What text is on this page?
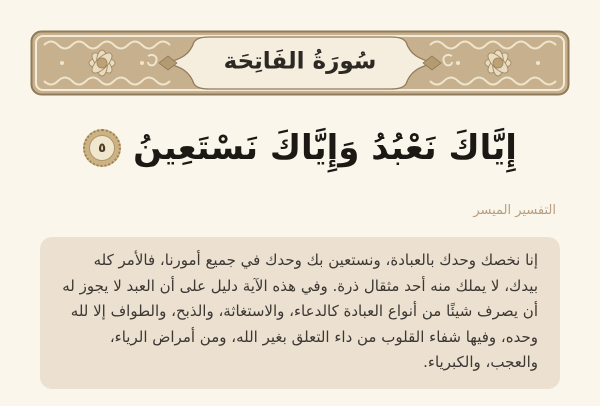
سُورَةُ الفَاتِحَة
إِيَّاكَ نَعْبُدُ وَإِيَّاكَ نَسْتَعِينُ
٥
التفسير الميسر
إنا نخصك وحدك بالعبادة، ونستعين بك وحدك في جميع أمورنا، فالأمر كله بيدك، لا يملك منه أحد مثقال ذرة. وفي هذه الآية دليل على أن العبد لا يجوز له أن يصرف شيئًا من أنواع العبادة كالدعاء، والاستغاثة، والذبح، والطواف إلا لله وحده، وفيها شفاء القلوب من داء التعلق بغير الله، ومن أمراض الرياء، والعجب، والكبرياء.
